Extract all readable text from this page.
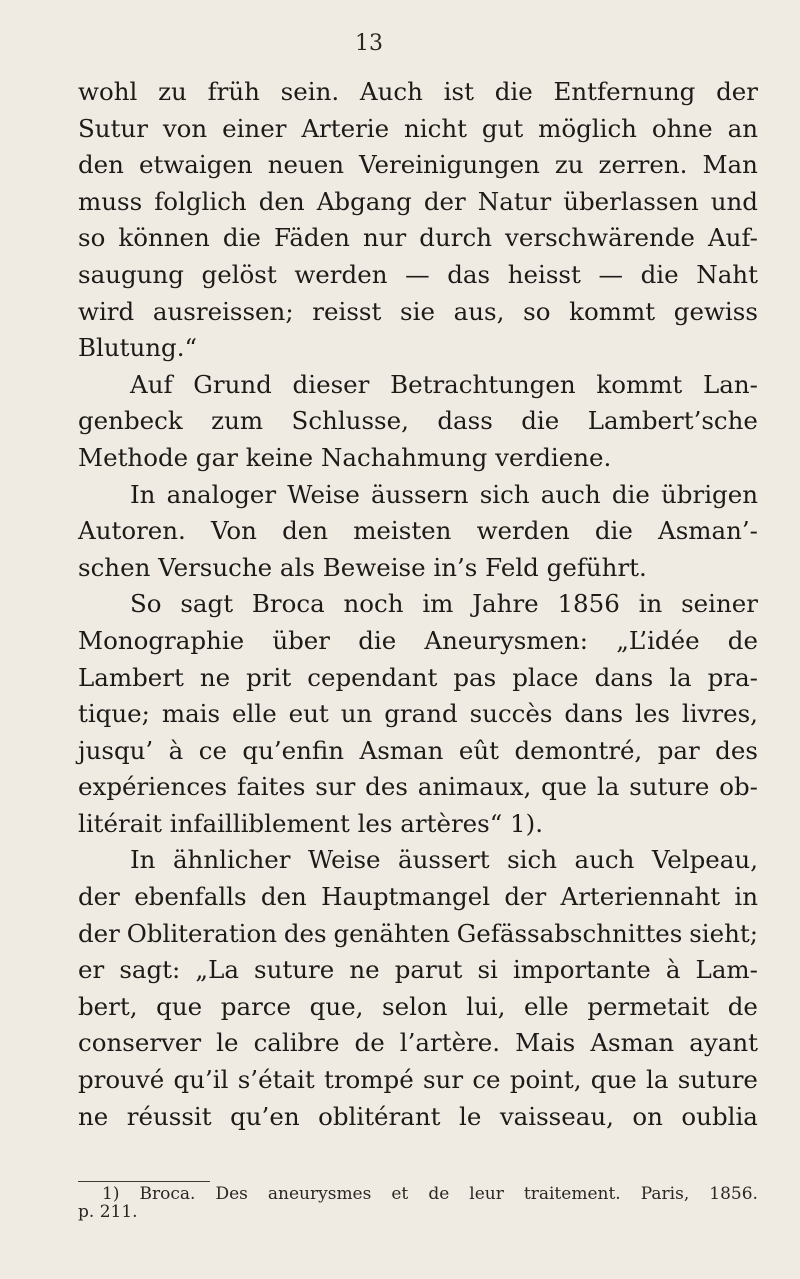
13
wohl zu früh sein. Auch ist die Entfernung der
Sutur von einer Arterie nicht gut möglich ohne an
den etwaigen neuen Vereinigungen zu zerren. Man
muss folglich den Abgang der Natur überlassen und
so können die Fäden nur durch verschwärende Auf-
saugung gelöst werden — das heisst — die Naht
wird ausreissen; reisst sie aus, so kommt gewiss
Blutung.“
Auf Grund dieser Betrachtungen kommt Lan-
genbeck zum Schlusse, dass die Lambert’sche
Methode gar keine Nachahmung verdiene.
In analoger Weise äussern sich auch die übrigen
Autoren. Von den meisten werden die Asman’-
schen Versuche als Beweise in’s Feld geführt.
So sagt Broca noch im Jahre 1856 in seiner
Monographie über die Aneurysmen: „L’idée de
Lambert ne prit cependant pas place dans la pra-
tique; mais elle eut un grand succès dans les livres,
jusqu’ à ce qu’enfin Asman eût demontré, par des
expériences faites sur des animaux, que la suture ob-
litérait infailliblement les artères“ 1).
In ähnlicher Weise äussert sich auch Velpeau,
der ebenfalls den Hauptmangel der Arteriennaht in
der Obliteration des genähten Gefässabschnittes sieht;
er sagt: „La suture ne parut si importante à Lam-
bert, que parce que, selon lui, elle permetait de
conserver le calibre de l’artère. Mais Asman ayant
prouvé qu’il s’était trompé sur ce point, que la suture
ne réussit qu’en oblitérant le vaisseau, on oublia
1) Broca. Des aneurysmes et de leur traitement. Paris, 1856.
p. 211.
